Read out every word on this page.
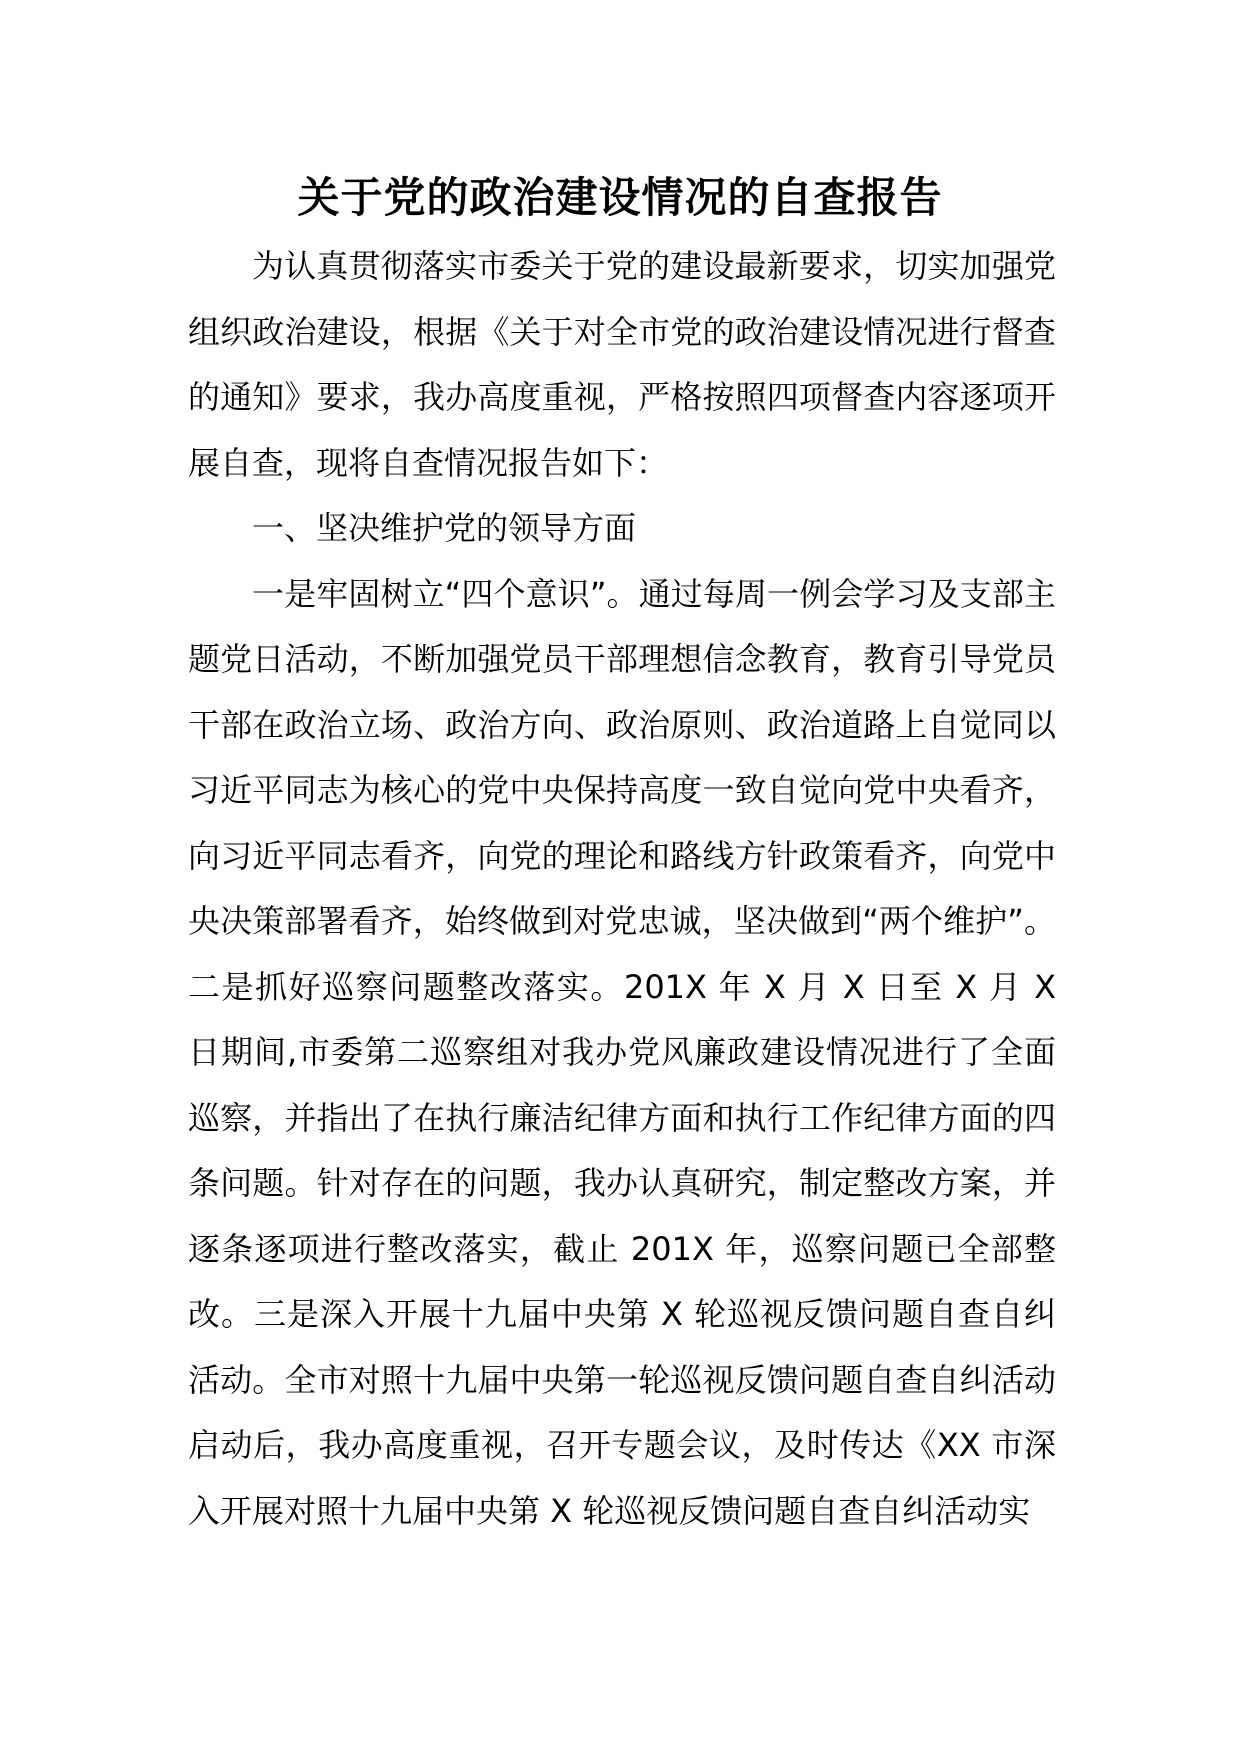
关于党的政治建设情况的自查报告

为认真贯彻落实市委关于党的建设最新要求，切实加强党组织政治建设，根据《关于对全市党的政治建设情况进行督查的通知》要求，我办高度重视，严格按照四项督查内容逐项开展自查，现将自查情况报告如下：

一、坚决维护党的领导方面

一是牢固树立“四个意识”。通过每周一例会学习及支部主题党日活动，不断加强党员干部理想信念教育，教育引导党员干部在政治立场、政治方向、政治原则、政治道路上自觉同以习近平同志为核心的党中央保持高度一致自觉向党中央看齐，向习近平同志看齐，向党的理论和路线方针政策看齐，向党中央决策部署看齐，始终做到对党忠诚，坚决做到“两个维护”。二是抓好巡察问题整改落实。201X 年 X 月 X 日至 X 月 X 日期间,市委第二巡察组对我办党风廉政建设情况进行了全面巡察，并指出了在执行廉洁纪律方面和执行工作纪律方面的四条问题。针对存在的问题，我办认真研究，制定整改方案，并逐条逐项进行整改落实，截止 201X 年，巡察问题已全部整改。三是深入开展十九届中央第 X 轮巡视反馈问题自查自纠活动。全市对照十九届中央第一轮巡视反馈问题自查自纠活动启动后，我办高度重视，召开专题会议，及时传达《XX 市深入开展对照十九届中央第 X 轮巡视反馈问题自查自纠活动实
